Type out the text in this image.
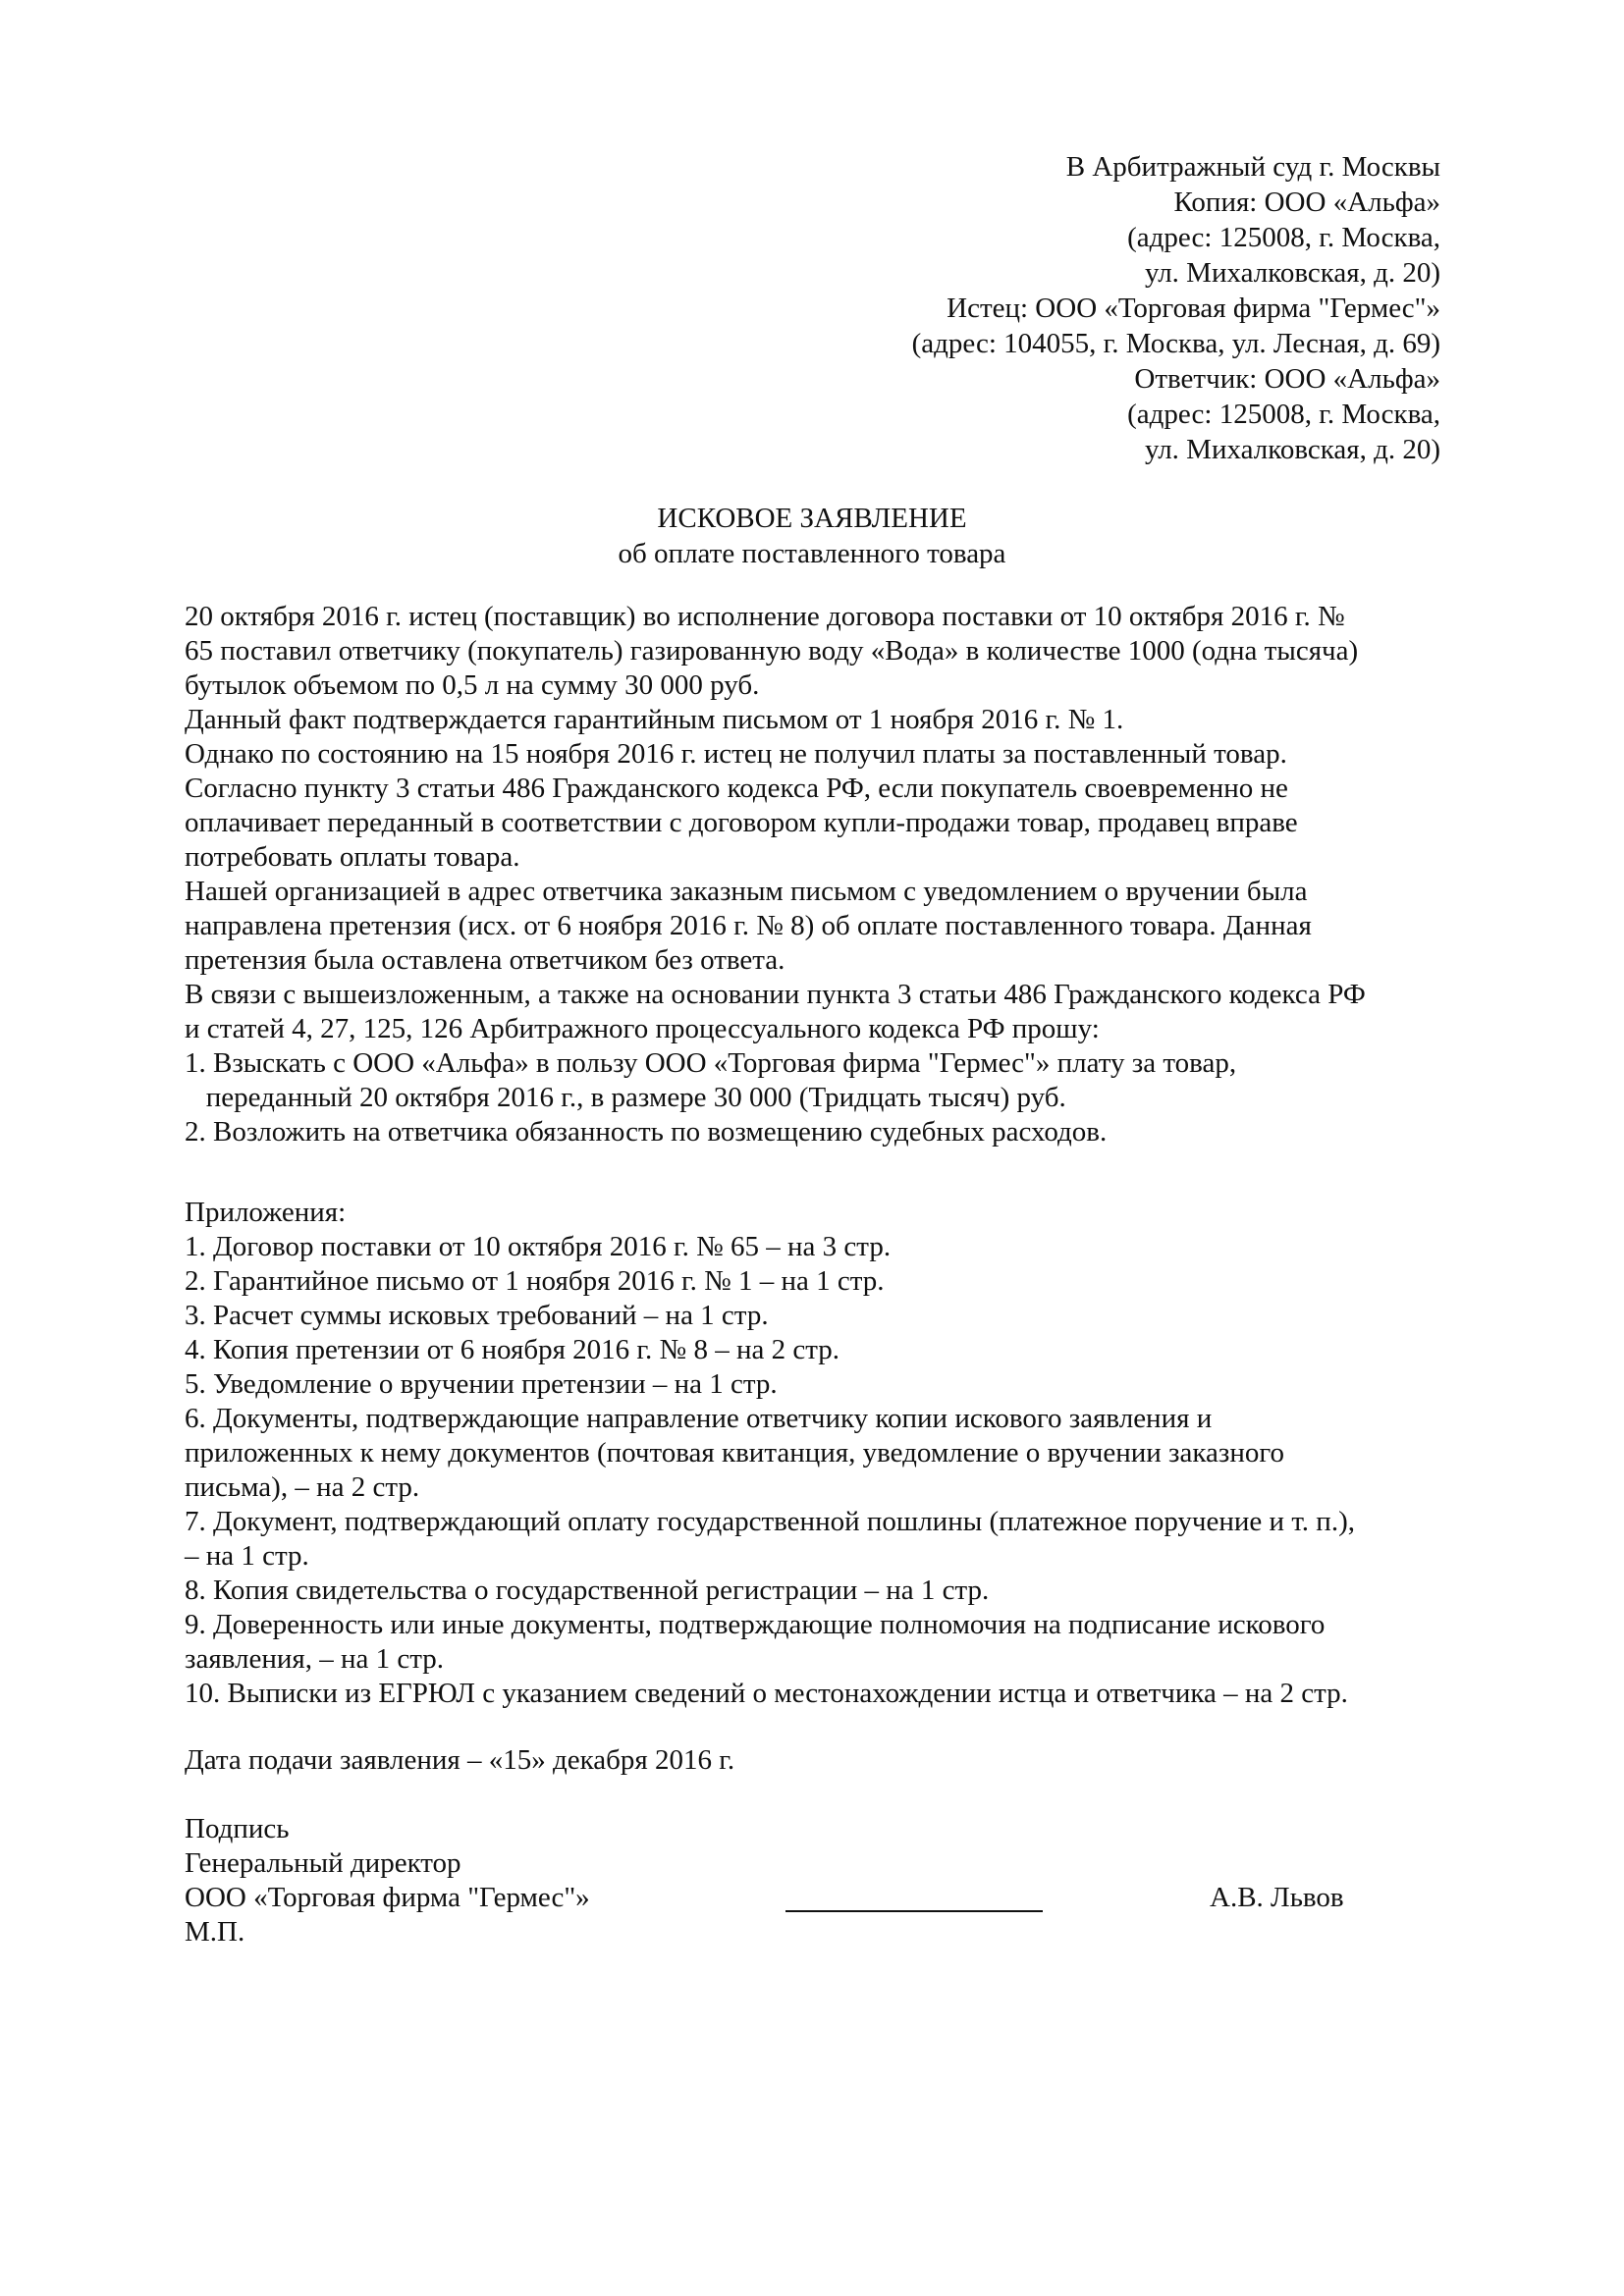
В Арбитражный суд г. Москвы
Копия: ООО «Альфа»
(адрес: 125008, г. Москва,
ул. Михалковская, д. 20)
Истец: ООО «Торговая фирма "Гермес"»
(адрес: 104055, г. Москва, ул. Лесная, д. 69)
Ответчик: ООО «Альфа»
(адрес: 125008, г. Москва,
ул. Михалковская, д. 20)
ИСКОВОЕ ЗАЯВЛЕНИЕ
об оплате поставленного товара
20 октября 2016 г. истец (поставщик) во исполнение договора поставки от 10 октября 2016 г. №
65 поставил ответчику (покупатель) газированную воду «Вода» в количестве 1000 (одна тысяча)
бутылок объемом по 0,5 л на сумму 30 000 руб.
Данный факт подтверждается гарантийным письмом от 1 ноября 2016 г. № 1.
Однако по состоянию на 15 ноября 2016 г. истец не получил платы за поставленный товар.
Согласно пункту 3 статьи 486 Гражданского кодекса РФ, если покупатель своевременно не
оплачивает переданный в соответствии с договором купли-продажи товар, продавец вправе
потребовать оплаты товара.
Нашей организацией в адрес ответчика заказным письмом с уведомлением о вручении была
направлена претензия (исх. от 6 ноября 2016 г. № 8) об оплате поставленного товара. Данная
претензия была оставлена ответчиком без ответа.
В связи с вышеизложенным, а также на основании пункта 3 статьи 486 Гражданского кодекса РФ
и статей 4, 27, 125, 126 Арбитражного процессуального кодекса РФ прошу:
1. Взыскать с ООО «Альфа» в пользу ООО «Торговая фирма "Гермес"» плату за товар,
переданный 20 октября 2016 г., в размере 30 000 (Тридцать тысяч) руб.
2. Возложить на ответчика обязанность по возмещению судебных расходов.
Приложения:
1. Договор поставки от 10 октября 2016 г. № 65 – на 3 стр.
2. Гарантийное письмо от 1 ноября 2016 г. № 1 – на 1 стр.
3. Расчет суммы исковых требований – на 1 стр.
4. Копия претензии от 6 ноября 2016 г. № 8 – на 2 стр.
5. Уведомление о вручении претензии – на 1 стр.
6. Документы, подтверждающие направление ответчику копии искового заявления и
приложенных к нему документов (почтовая квитанция, уведомление о вручении заказного
письма), – на 2 стр.
7. Документ, подтверждающий оплату государственной пошлины (платежное поручение и т. п.),
– на 1 стр.
8. Копия свидетельства о государственной регистрации – на 1 стр.
9. Доверенность или иные документы, подтверждающие полномочия на подписание искового
заявления, – на 1 стр.
10. Выписки из ЕГРЮЛ с указанием сведений о местонахождении истца и ответчика – на 2 стр.
Дата подачи заявления – «15» декабря 2016 г.
Подпись
Генеральный директор
ООО «Торговая фирма "Гермес"»
М.П.
А.В. Львов
